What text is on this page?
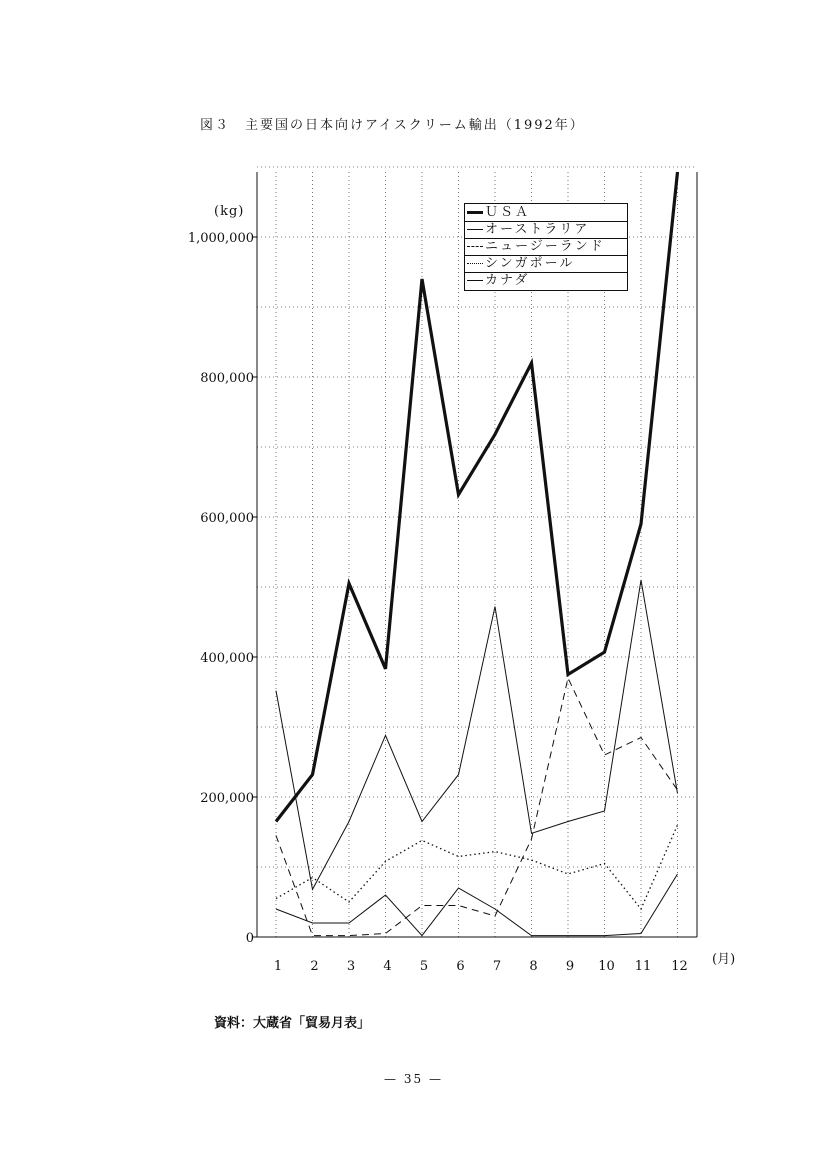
図３　主要国の日本向けアイスクリーム輸出（1992年）
(kg)
0
200,000
400,000
600,000
800,000
1,000,000
1 2 3 4 5 6 7 8 9 10 11 12 (月)
ＵＳＡ
オーストラリア
ニュージーランド
シンガポール
カナダ
資料：大蔵省「貿易月表」
— 35 —
